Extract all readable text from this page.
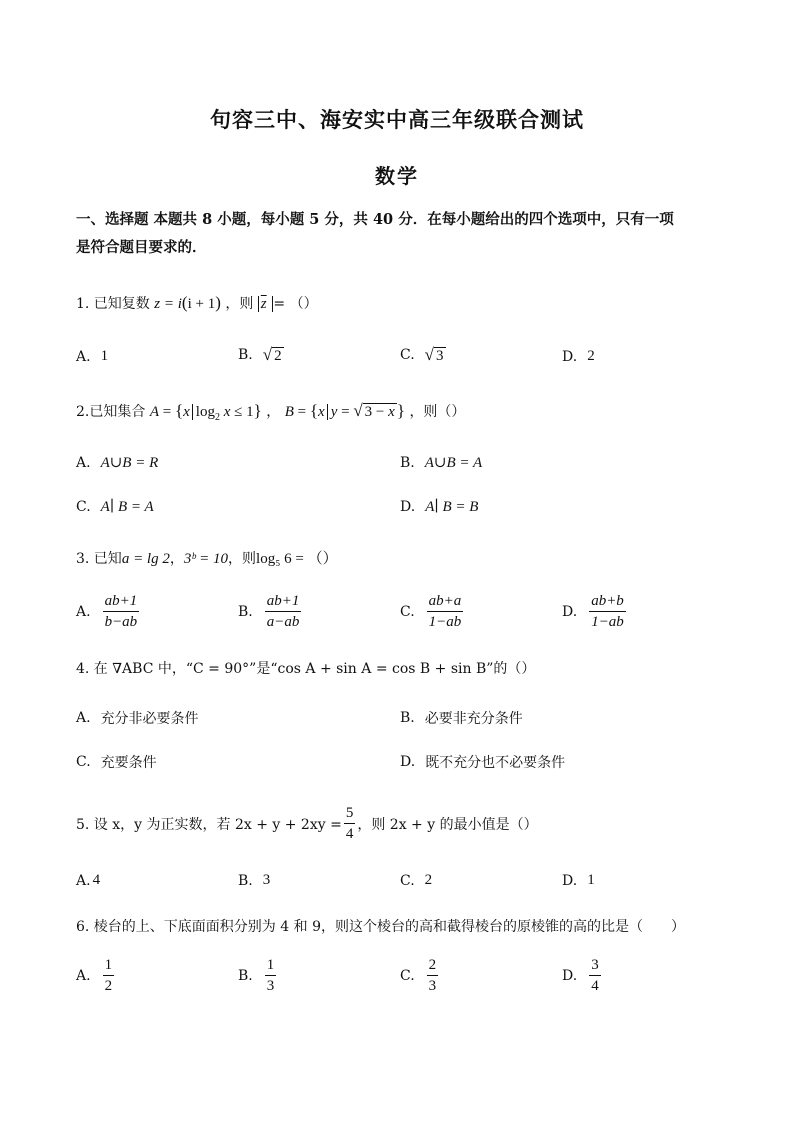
句容三中、海安实中高三年级联合测试
数学
一、选择题 本题共 8 小题，每小题 5 分，共 40 分．在每小题给出的四个选项中，只有一项
是符合题目要求的．
1. 已知复数 z = i(i + 1) ，则 $\overline{z}$ = （）
A. 1	B. √ 2	C. √ 3	D. 2
2.已知集合 A = {x $\log_2 x \le 1$} ， B = {x y = √ 3 − x } ，则（）
A. A∪B = R	B. A∪B = A
C. A∣ B = A	D. A∣ B = B
3. 已知a = lg 2，3ᵇ = 10，则log₅ 6 = （）
A. $\frac{ab+1}{b-ab}$	B. $\frac{ab+1}{a-ab}$	C. $\frac{ab+a}{1-ab}$	D. $\frac{ab+b}{1-ab}$
4. 在 ∇ABC 中，“C = 90°”是“cos A + sin A = cos B + sin B”的（）
A. 充分非必要条件	B. 必要非充分条件
C. 充要条件	D. 既不充分也不必要条件
5. 设 x，y 为正实数，若 $2x + y + 2xy = \frac{5}{4}$ ，则 2x + y 的最小值是（）
A. 4	B. 3	C. 2	D. 1
6. 棱台的上、下底面面积分别为 4 和 9，则这个棱台的高和截得棱台的原棱锥的高的比是（　　）
A. $\frac{1}{2}$	B. $\frac{1}{3}$	C. $\frac{2}{3}$	D. $\frac{3}{4}$
